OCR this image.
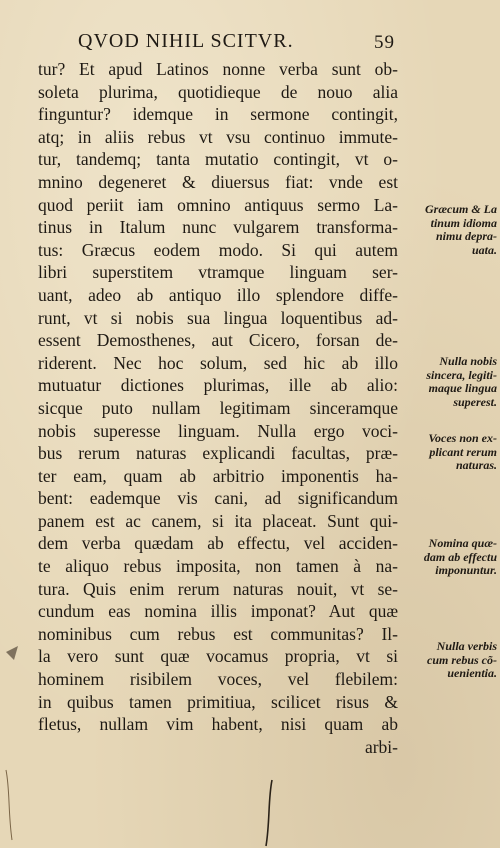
QVOD NIHIL SCITVR.	59
tur? Et apud Latinos nonne verba sunt ob-
soleta plurima, quotidieque de nouo alia
finguntur? idemque in sermone contingit,
atq; in aliis rebus vt vsu continuo immute-
tur, tandemq; tanta mutatio contingit, vt o-
mnino degeneret & diuersus fiat: vnde est
quod periit iam omnino antiquus sermo La-
tinus in Italum nunc vulgarem transforma-
tus: Græcus eodem modo. Si qui autem
libri superstitem vtramque linguam ser-
uant, adeo ab antiquo illo splendore diffe-
runt, vt si nobis sua lingua loquentibus ad-
essent Demosthenes, aut Cicero, forsan de-
riderent. Nec hoc solum, sed hic ab illo
mutuatur dictiones plurimas, ille ab alio:
sicque puto nullam legitimam sinceramque
nobis superesse linguam. Nulla ergo voci-
bus rerum naturas explicandi facultas, præ-
ter eam, quam ab arbitrio imponentis ha-
bent: eademque vis cani, ad significandum
panem est ac canem, si ita placeat. Sunt qui-
dem verba quædam ab effectu, vel acciden-
te aliquo rebus imposita, non tamen à na-
tura. Quis enim rerum naturas nouit, vt se-
cundum eas nomina illis imponat? Aut quæ
nominibus cum rebus est communitas? Il-
la vero sunt quæ vocamus propria, vt si
hominem risibilem voces, vel flebilem:
in quibus tamen primitiua, scilicet risus &
fletus, nullam vim habent, nisi quam ab
arbi-
Græcum & La
tinum idioma
nimu depra-
uata.
Nulla nobis
sincera, legiti-
maque lingua
superest.
Voces non ex-
plicant rerum
naturas.
Nomina quæ-
dam ab effectu
imponuntur.
Nulla verbis
cum rebus cõ-
uenientia.
